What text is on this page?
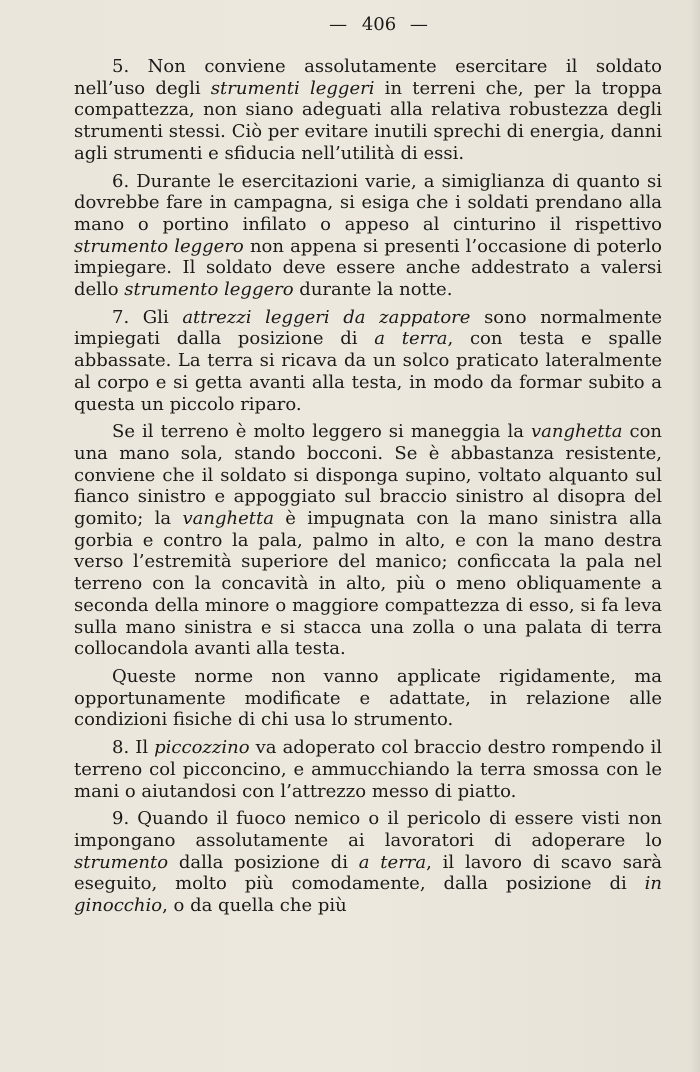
— 406 —

5. Non conviene assolutamente esercitare il soldato nell’uso degli strumenti leggeri in terreni che, per la troppa compattezza, non siano adeguati alla relativa robustezza degli strumenti stessi. Ciò per evitare inutili sprechi di energia, danni agli strumenti e sfiducia nell’utilità di essi.

6. Durante le esercitazioni varie, a simiglianza di quanto si dovrebbe fare in campagna, si esiga che i soldati prendano alla mano o portino infilato o appeso al cinturino il rispettivo strumento leggero non appena si presenti l’occasione di poterlo impiegare. Il soldato deve essere anche addestrato a valersi dello strumento leggero durante la notte.

7. Gli attrezzi leggeri da zappatore sono normalmente impiegati dalla posizione di a terra, con testa e spalle abbassate. La terra si ricava da un solco praticato lateralmente al corpo e si getta avanti alla testa, in modo da formar subito a questa un piccolo riparo.

Se il terreno è molto leggero si maneggia la vanghetta con una mano sola, stando bocconi. Se è abbastanza resistente, conviene che il soldato si disponga supino, voltato alquanto sul fianco sinistro e appoggiato sul braccio sinistro al disopra del gomito; la vanghetta è impugnata con la mano sinistra alla gorbia e contro la pala, palmo in alto, e con la mano destra verso l’estremità superiore del manico; conficcata la pala nel terreno con la concavità in alto, più o meno obliquamente a seconda della minore o maggiore compattezza di esso, si fa leva sulla mano sinistra e si stacca una zolla o una palata di terra collocandola avanti alla testa.

Queste norme non vanno applicate rigidamente, ma opportunamente modificate e adattate, in relazione alle condizioni fisiche di chi usa lo strumento.

8. Il piccozzino va adoperato col braccio destro rompendo il terreno col picconcino, e ammucchiando la terra smossa con le mani o aiutandosi con l’attrezzo messo di piatto.

9. Quando il fuoco nemico o il pericolo di essere visti non impongano assolutamente ai lavoratori di adoperare lo strumento dalla posizione di a terra, il lavoro di scavo sarà eseguito, molto più comodamente, dalla posizione di in ginocchio, o da quella che più
